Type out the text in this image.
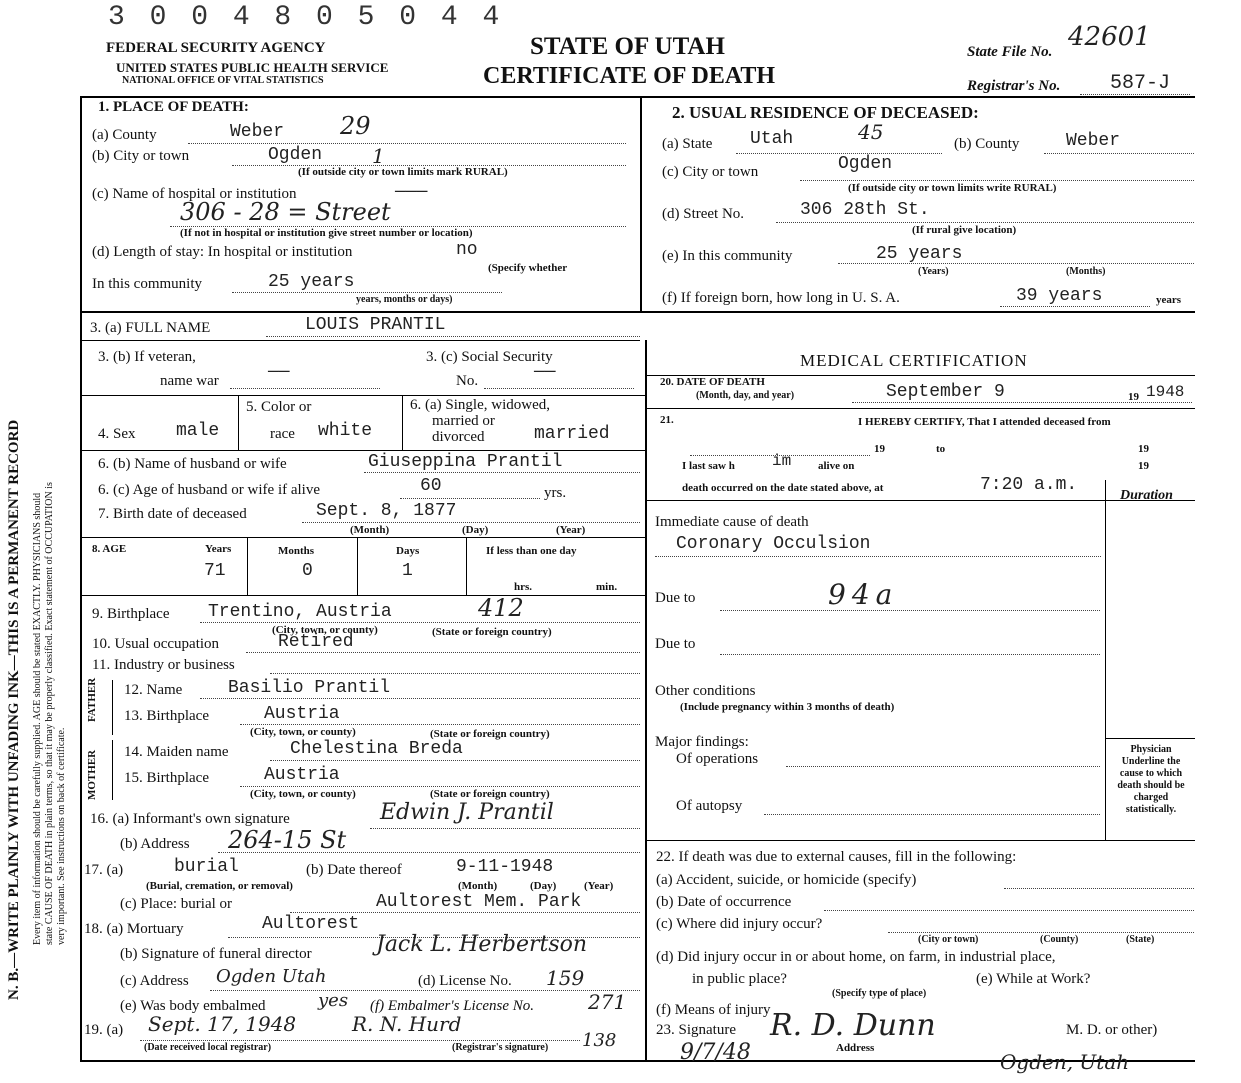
3 0 0 4 8 0 5 0 4 4
FEDERAL SECURITY AGENCY
UNITED STATES PUBLIC HEALTH SERVICE
NATIONAL OFFICE OF VITAL STATISTICS
STATE OF UTAH
CERTIFICATE OF DEATH
State File No. 42601
Registrar's No. 587-J
N. B.—WRITE PLAINLY WITH UNFADING INK—THIS IS A PERMANENT RECORD Every item of information should be carefully supplied. AGE should be stated EXACTLY. PHYSICIANS should state CAUSE OF DEATH in plain terms, so that it may be properly classified. Exact statement of OCCUPATION is very important. See instructions on back of certificate.
FATHER
MOTHER
1. PLACE OF DEATH:
(a) County	Weber 29
(b) City or town	Ogden 1
(If outside city or town limits mark RURAL)
(c) Name of hospital or institution	———
306 - 28 = Street
(If not in hospital or institution give street number or location)
(d) Length of stay: In hospital or institution	no
(Specify whether
In this community	25 years
years, months or days)
2. USUAL RESIDENCE OF DECEASED:
(a) State Utah	45	(b) County	Weber
(c) City or town	Ogden
(If outside city or town limits write RURAL)
(d) Street No.	306 28th St.
(If rural give location)
(e) In this community	25 years
(Years)	(Months)
(f) If foreign born, how long in U. S. A.	39 years	years
3. (a) FULL NAME	LOUIS PRANTIL
3. (b) If veteran,
name war	——
3. (c) Social Security
No.	——
4. Sex male
5. Color or
race white
6. (a) Single, widowed,
married or
divorced	married
6. (b) Name of husband or wife	Giuseppina Prantil
6. (c) Age of husband or wife if alive	60	yrs.
7. Birth date of deceased	Sept. 8, 1877
(Month)	(Day)	(Year)
8. AGE	Years	Months	Days	If less than one day
71	0	1
hrs.	min.
9. Birthplace Trentino, Austria	412
(City, town, or county)	(State or foreign country)
10. Usual occupation	Retired
11. Industry or business
12. Name	Basilio Prantil
13. Birthplace	Austria
(City, town, or county)	(State or foreign country)
14. Maiden name	Chelestina Breda
15. Birthplace	Austria
(City, town, or county)	(State or foreign country)
16. (a) Informant's own signature	Edwin J. Prantil
(b) Address 264-15 St
17. (a)	burial
(Burial, cremation, or removal)
(b) Date thereof	9-11-1948
(Month)	(Day)	(Year)
(c) Place: burial or	Aultorest Mem. Park
18. (a) Mortuary	Aultorest
(b) Signature of funeral director	Jack L. Herbertson
(c) Address Ogden Utah	(d) License No. 159
(e) Was body embalmed	yes (f) Embalmer's License No.	271
19. (a) Sept. 17, 1948	R. N. Hurd
138
(Date received local registrar)	(Registrar's signature)
MEDICAL CERTIFICATION
20. DATE OF DEATH
(Month, day, and year)	September 9	19 1948
21.	I HEREBY CERTIFY, That I attended deceased from
19	to	19
I last saw h im alive on	19
death occurred on the date stated above, at	7:20 a.m.
Duration
Immediate cause of death
Coronary Occulsion
Due to	94a
Due to
Other conditions
(Include pregnancy within 3 months of death)
Major findings:
Of operations
Of autopsy
Physician Underline the cause to which death should be charged statistically.
22. If death was due to external causes, fill in the following:
(a) Accident, suicide, or homicide (specify)
(b) Date of occurrence
(c) Where did injury occur?
(City or town)	(County)	(State)
(d) Did injury occur in or about home, on farm, in industrial place,
in public place?	(e) While at Work?
(Specify type of place)
(f) Means of injury
23. Signature R. D. Dunn	M. D. or other)
9/7/48	Address
Ogden, Utah
